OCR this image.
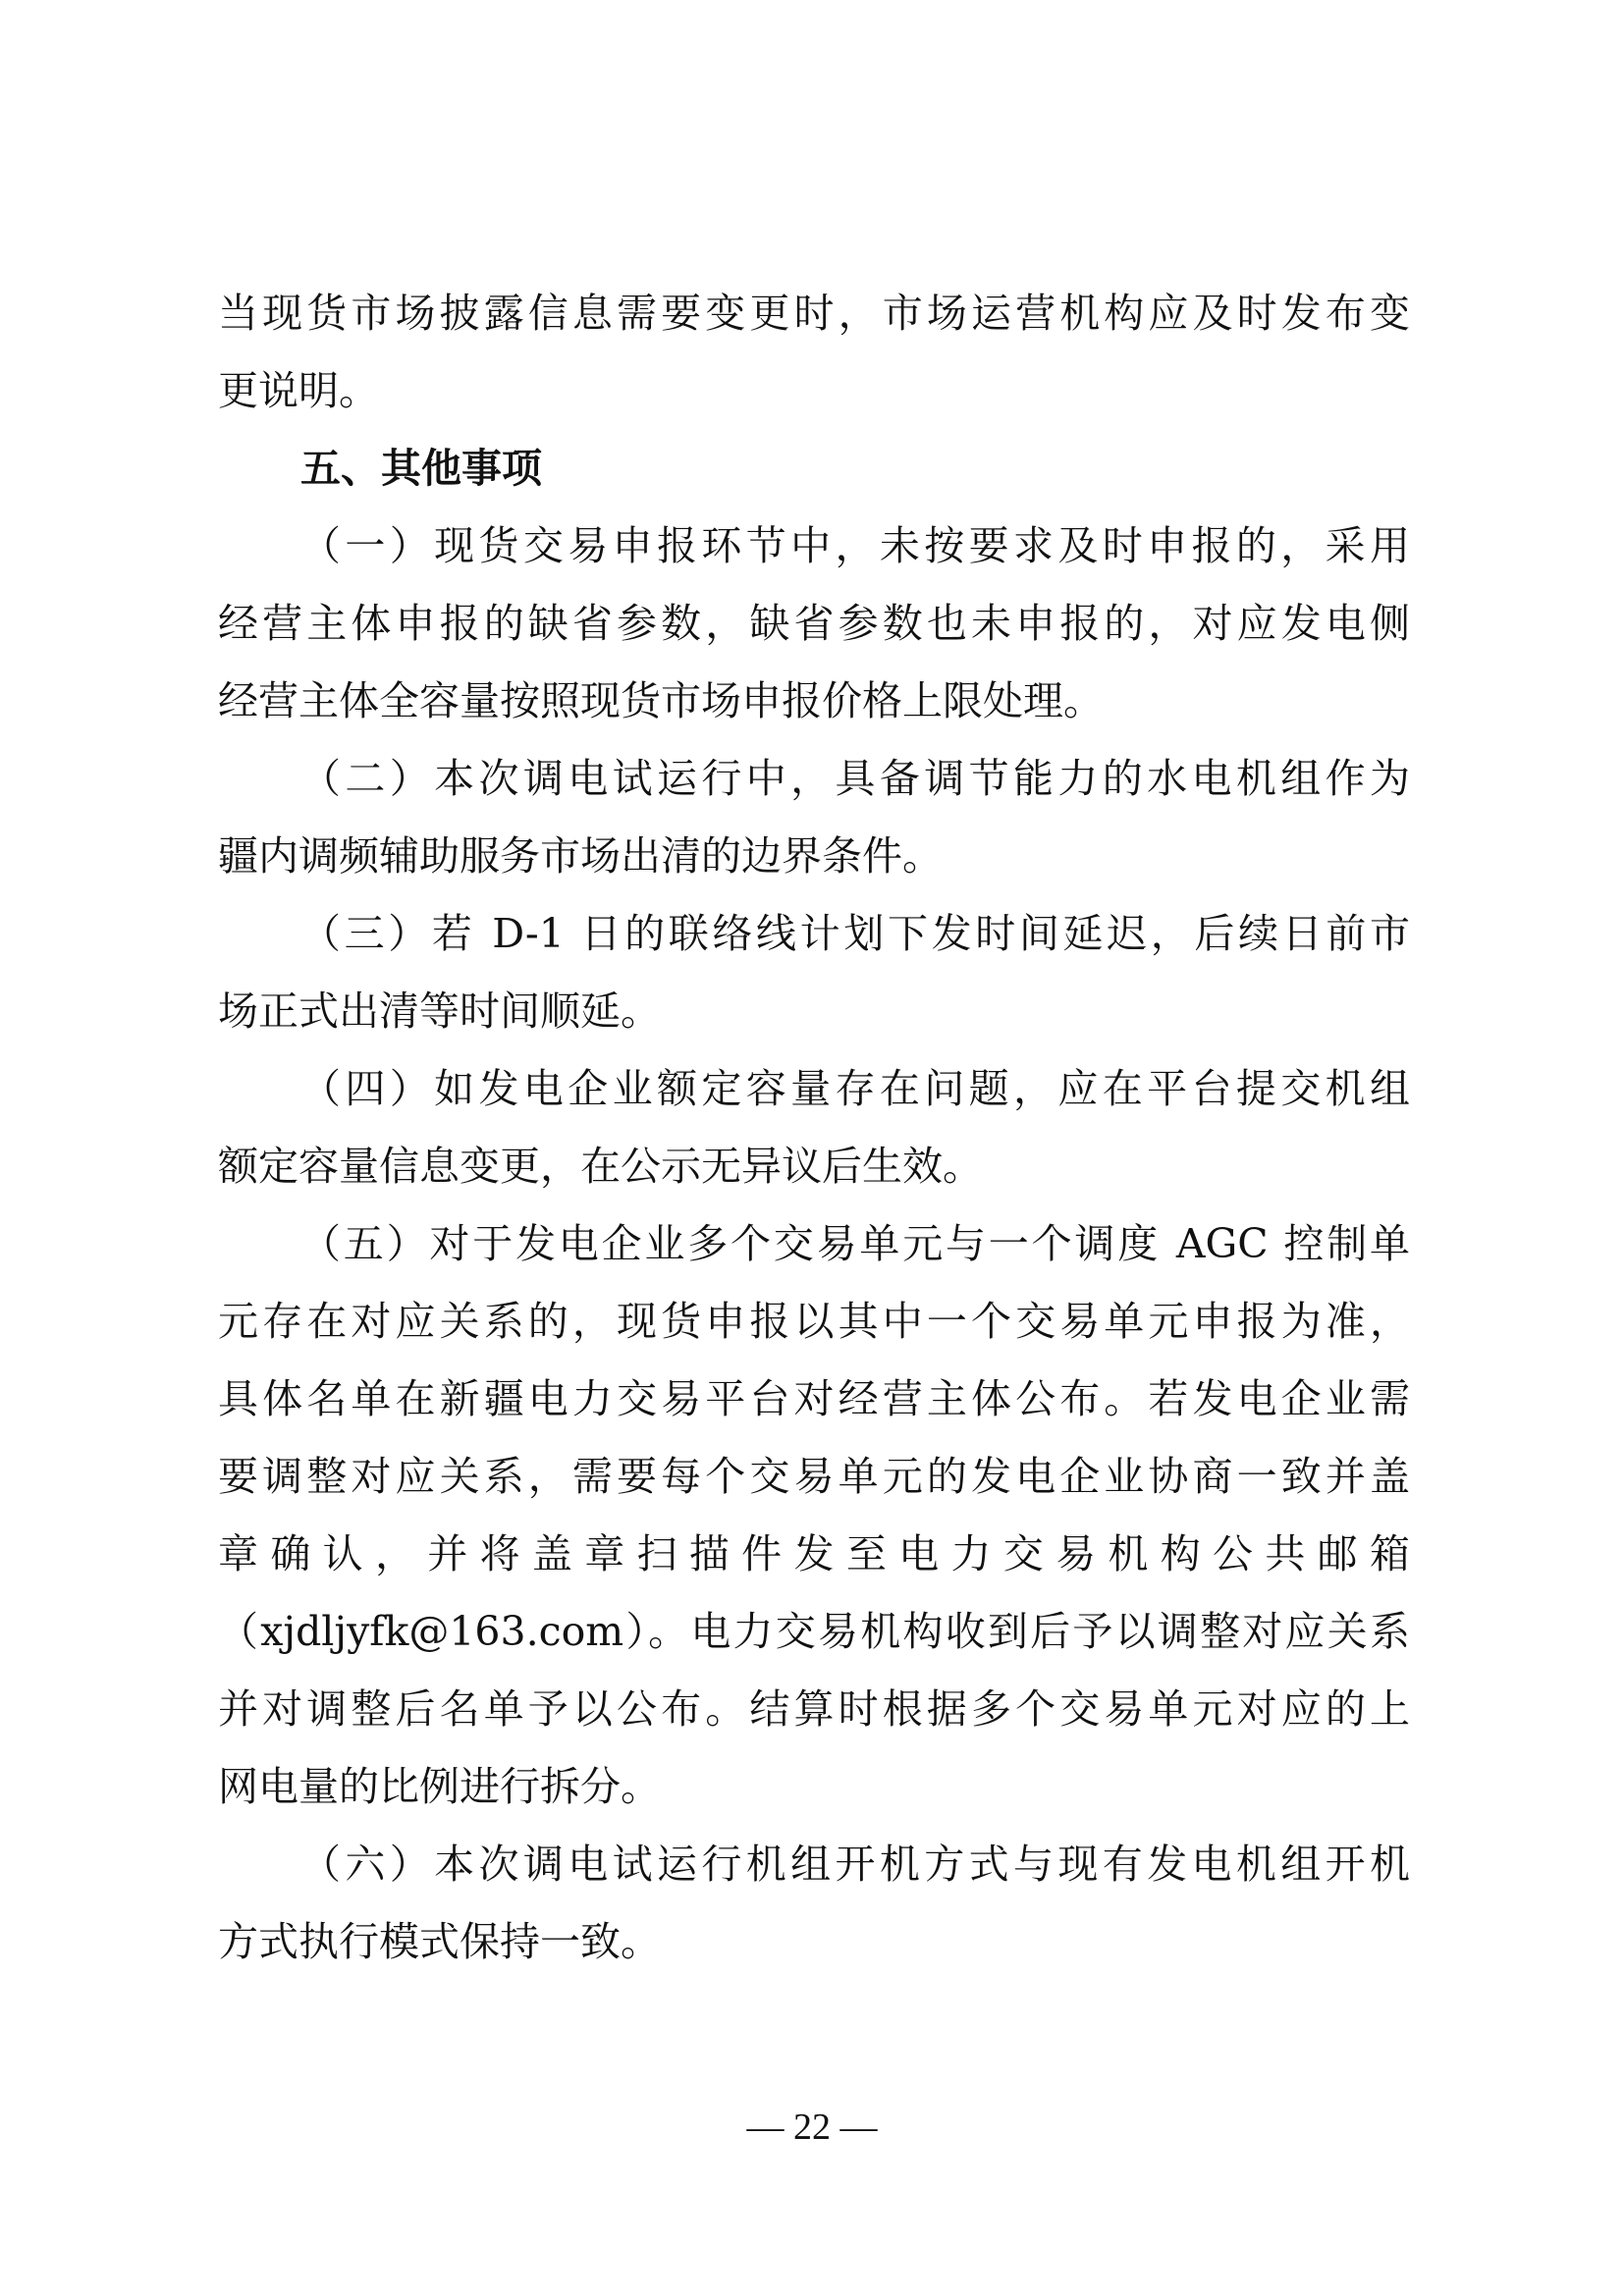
当现货市场披露信息需要变更时，市场运营机构应及时发布变
更说明。
五、其他事项
（一）现货交易申报环节中，未按要求及时申报的，采用
经营主体申报的缺省参数，缺省参数也未申报的，对应发电侧
经营主体全容量按照现货市场申报价格上限处理。
（二）本次调电试运行中，具备调节能力的水电机组作为
疆内调频辅助服务市场出清的边界条件。
（三）若 D-1 日的联络线计划下发时间延迟，后续日前市
场正式出清等时间顺延。
（四）如发电企业额定容量存在问题，应在平台提交机组
额定容量信息变更，在公示无异议后生效。
（五）对于发电企业多个交易单元与一个调度 AGC 控制单
元存在对应关系的，现货申报以其中一个交易单元申报为准，
具体名单在新疆电力交易平台对经营主体公布。若发电企业需
要调整对应关系，需要每个交易单元的发电企业协商一致并盖
章确认，并将盖章扫描件发至电力交易机构公共邮箱
（xjdljyfk@163.com）。电力交易机构收到后予以调整对应关系
并对调整后名单予以公布。结算时根据多个交易单元对应的上
网电量的比例进行拆分。
（六）本次调电试运行机组开机方式与现有发电机组开机
方式执行模式保持一致。
— 22 —
